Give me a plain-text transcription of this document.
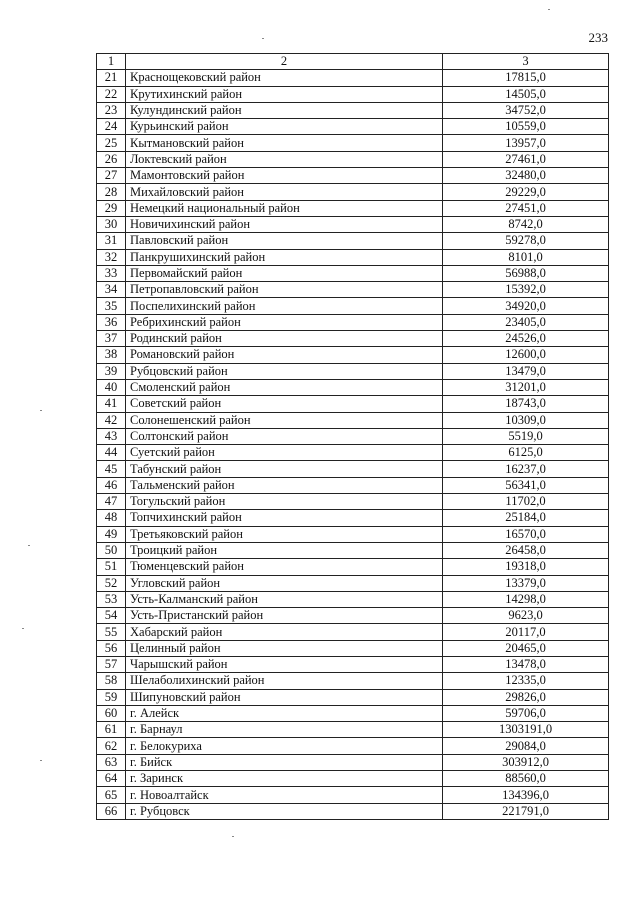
233
1	2	3
21	Краснощековский район	17815,0
22	Крутихинский район	14505,0
23	Кулундинский район	34752,0
24	Курьинский район	10559,0
25	Кытмановский район	13957,0
26	Локтевский район	27461,0
27	Мамонтовский район	32480,0
28	Михайловский район	29229,0
29	Немецкий национальный район	27451,0
30	Новичихинский район	8742,0
31	Павловский район	59278,0
32	Панкрушихинский район	8101,0
33	Первомайский район	56988,0
34	Петропавловский район	15392,0
35	Поспелихинский район	34920,0
36	Ребрихинский район	23405,0
37	Родинский район	24526,0
38	Романовский район	12600,0
39	Рубцовский район	13479,0
40	Смоленский район	31201,0
41	Советский район	18743,0
42	Солонешенский район	10309,0
43	Солтонский район	5519,0
44	Суетский район	6125,0
45	Табунский район	16237,0
46	Тальменский район	56341,0
47	Тогульский район	11702,0
48	Топчихинский район	25184,0
49	Третьяковский район	16570,0
50	Троицкий район	26458,0
51	Тюменцевский район	19318,0
52	Угловский район	13379,0
53	Усть-Калманский район	14298,0
54	Усть-Пристанский район	9623,0
55	Хабарский район	20117,0
56	Целинный район	20465,0
57	Чарышский район	13478,0
58	Шелаболихинский район	12335,0
59	Шипуновский район	29826,0
60	г. Алейск	59706,0
61	г. Барнаул	1303191,0
62	г. Белокуриха	29084,0
63	г. Бийск	303912,0
64	г. Заринск	88560,0
65	г. Новоалтайск	134396,0
66	г. Рубцовск	221791,0
